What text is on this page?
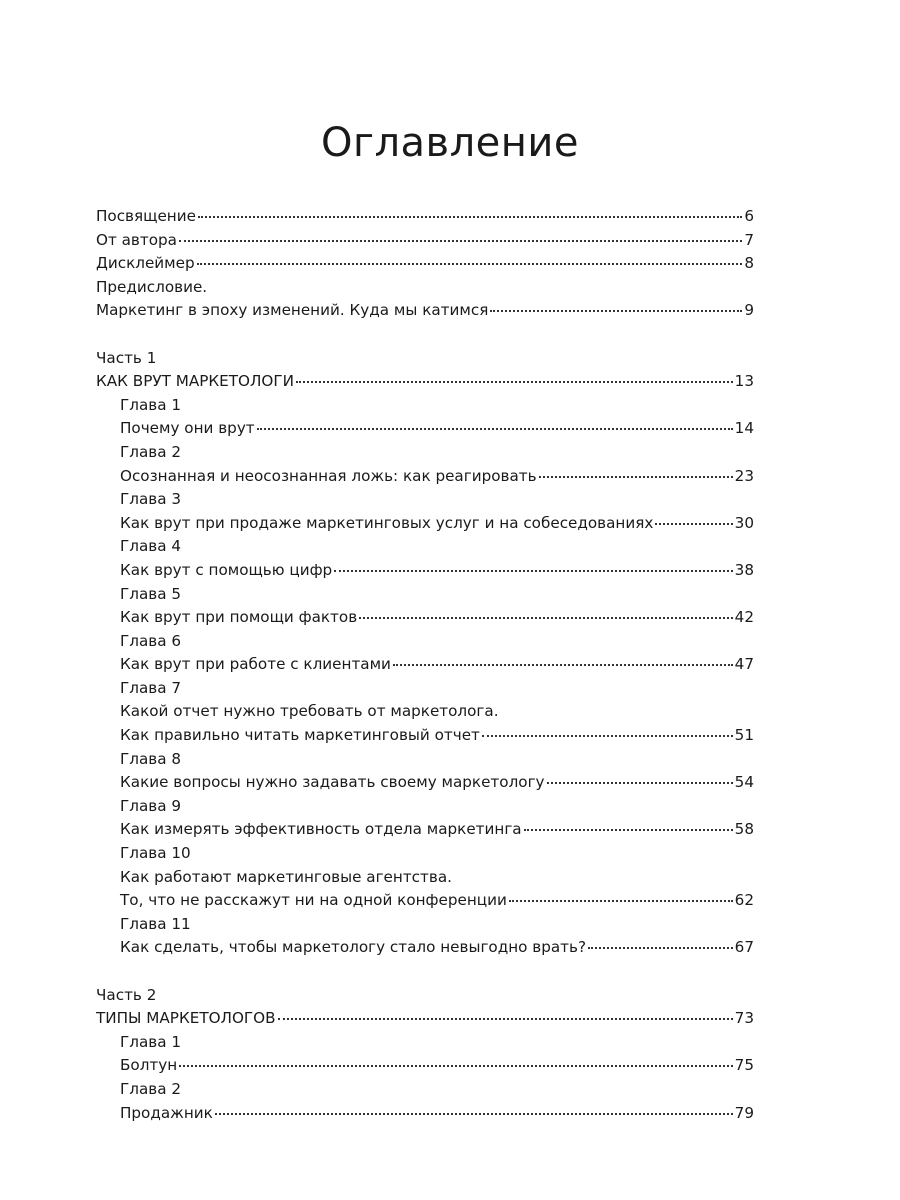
Оглавление
Посвящение	6
От автора	7
Дисклеймер	8
Предисловие.
Маркетинг в эпоху изменений. Куда мы катимся	9
Часть 1
КАК ВРУТ МАРКЕТОЛОГИ	13
Глава 1
Почему они врут	14
Глава 2
Осознанная и неосознанная ложь: как реагировать	23
Глава 3
Как врут при продаже маркетинговых услуг и на собеседованиях	30
Глава 4
Как врут с помощью цифр	38
Глава 5
Как врут при помощи фактов	42
Глава 6
Как врут при работе с клиентами	47
Глава 7
Какой отчет нужно требовать от маркетолога.
Как правильно читать маркетинговый отчет	51
Глава 8
Какие вопросы нужно задавать своему маркетологу	54
Глава 9
Как измерять эффективность отдела маркетинга	58
Глава 10
Как работают маркетинговые агентства.
То, что не расскажут ни на одной конференции	62
Глава 11
Как сделать, чтобы маркетологу стало невыгодно врать?	67
Часть 2
ТИПЫ МАРКЕТОЛОГОВ	73
Глава 1
Болтун	75
Глава 2
Продажник	79
